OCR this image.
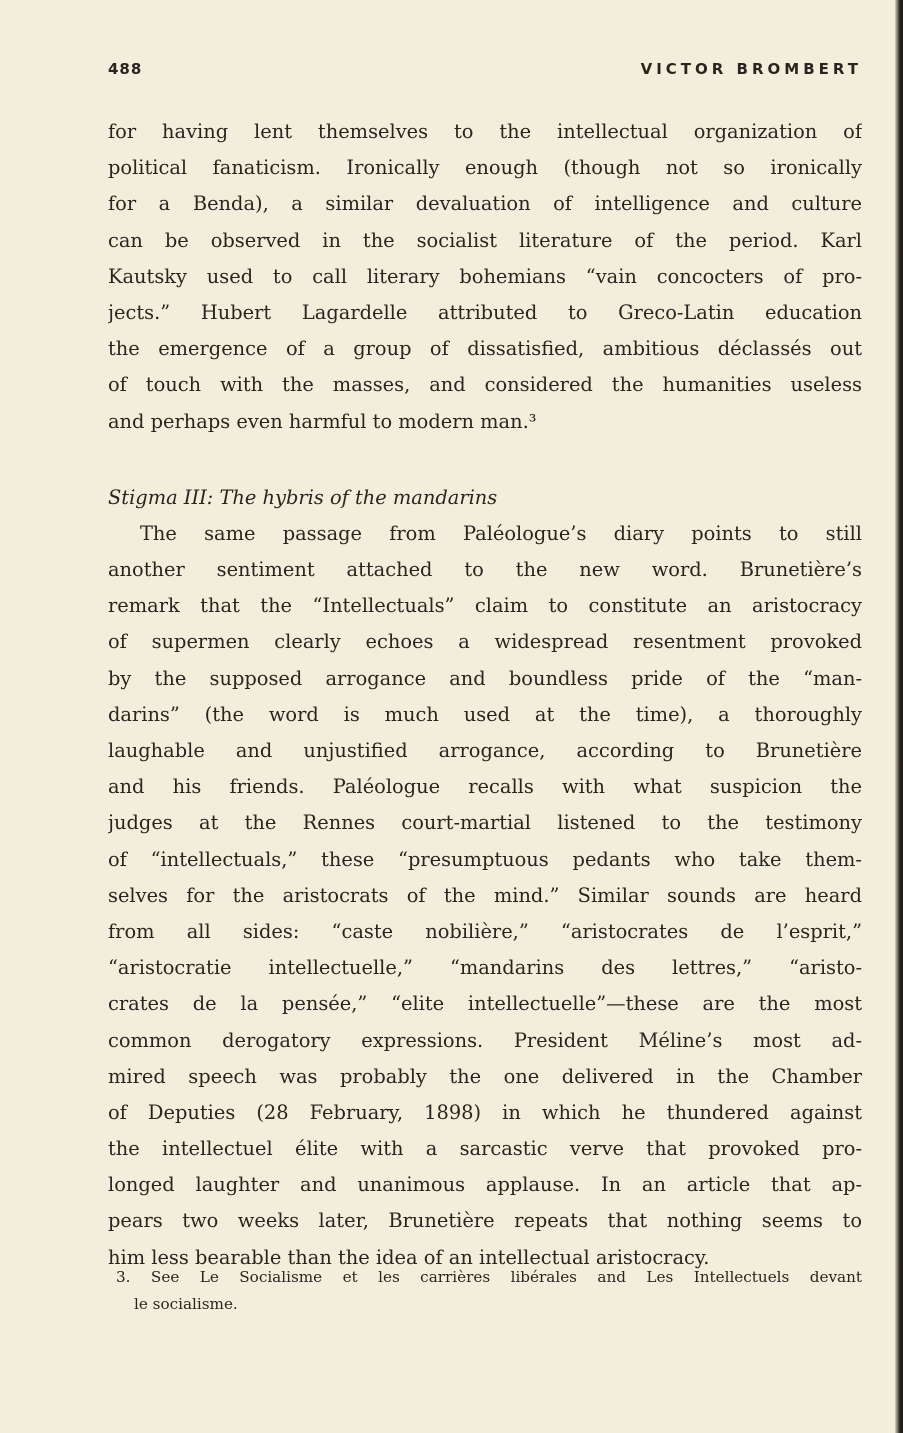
488	VICTOR BROMBERT
for having lent themselves to the intellectual organization of
political fanaticism. Ironically enough (though not so ironically
for a Benda), a similar devaluation of intelligence and culture
can be observed in the socialist literature of the period. Karl
Kautsky used to call literary bohemians “vain concocters of pro-
jects.” Hubert Lagardelle attributed to Greco-Latin education
the emergence of a group of dissatisfied, ambitious déclassés out
of touch with the masses, and considered the humanities useless
and perhaps even harmful to modern man.³
Stigma III: The hybris of the mandarins
The same passage from Paléologue’s diary points to still
another sentiment attached to the new word. Brunetière’s
remark that the “Intellectuals” claim to constitute an aristocracy
of supermen clearly echoes a widespread resentment provoked
by the supposed arrogance and boundless pride of the “man-
darins” (the word is much used at the time), a thoroughly
laughable and unjustified arrogance, according to Brunetière
and his friends. Paléologue recalls with what suspicion the
judges at the Rennes court-martial listened to the testimony
of “intellectuals,” these “presumptuous pedants who take them-
selves for the aristocrats of the mind.” Similar sounds are heard
from all sides: “caste nobilière,” “aristocrates de l’esprit,”
“aristocratie intellectuelle,” “mandarins des lettres,” “aristo-
crates de la pensée,” “elite intellectuelle”—these are the most
common derogatory expressions. President Méline’s most ad-
mired speech was probably the one delivered in the Chamber
of Deputies (28 February, 1898) in which he thundered against
the intellectuel élite with a sarcastic verve that provoked pro-
longed laughter and unanimous applause. In an article that ap-
pears two weeks later, Brunetière repeats that nothing seems to
him less bearable than the idea of an intellectual aristocracy.
3. See Le Socialisme et les carrières libérales and Les Intellectuels devant
le socialisme.
